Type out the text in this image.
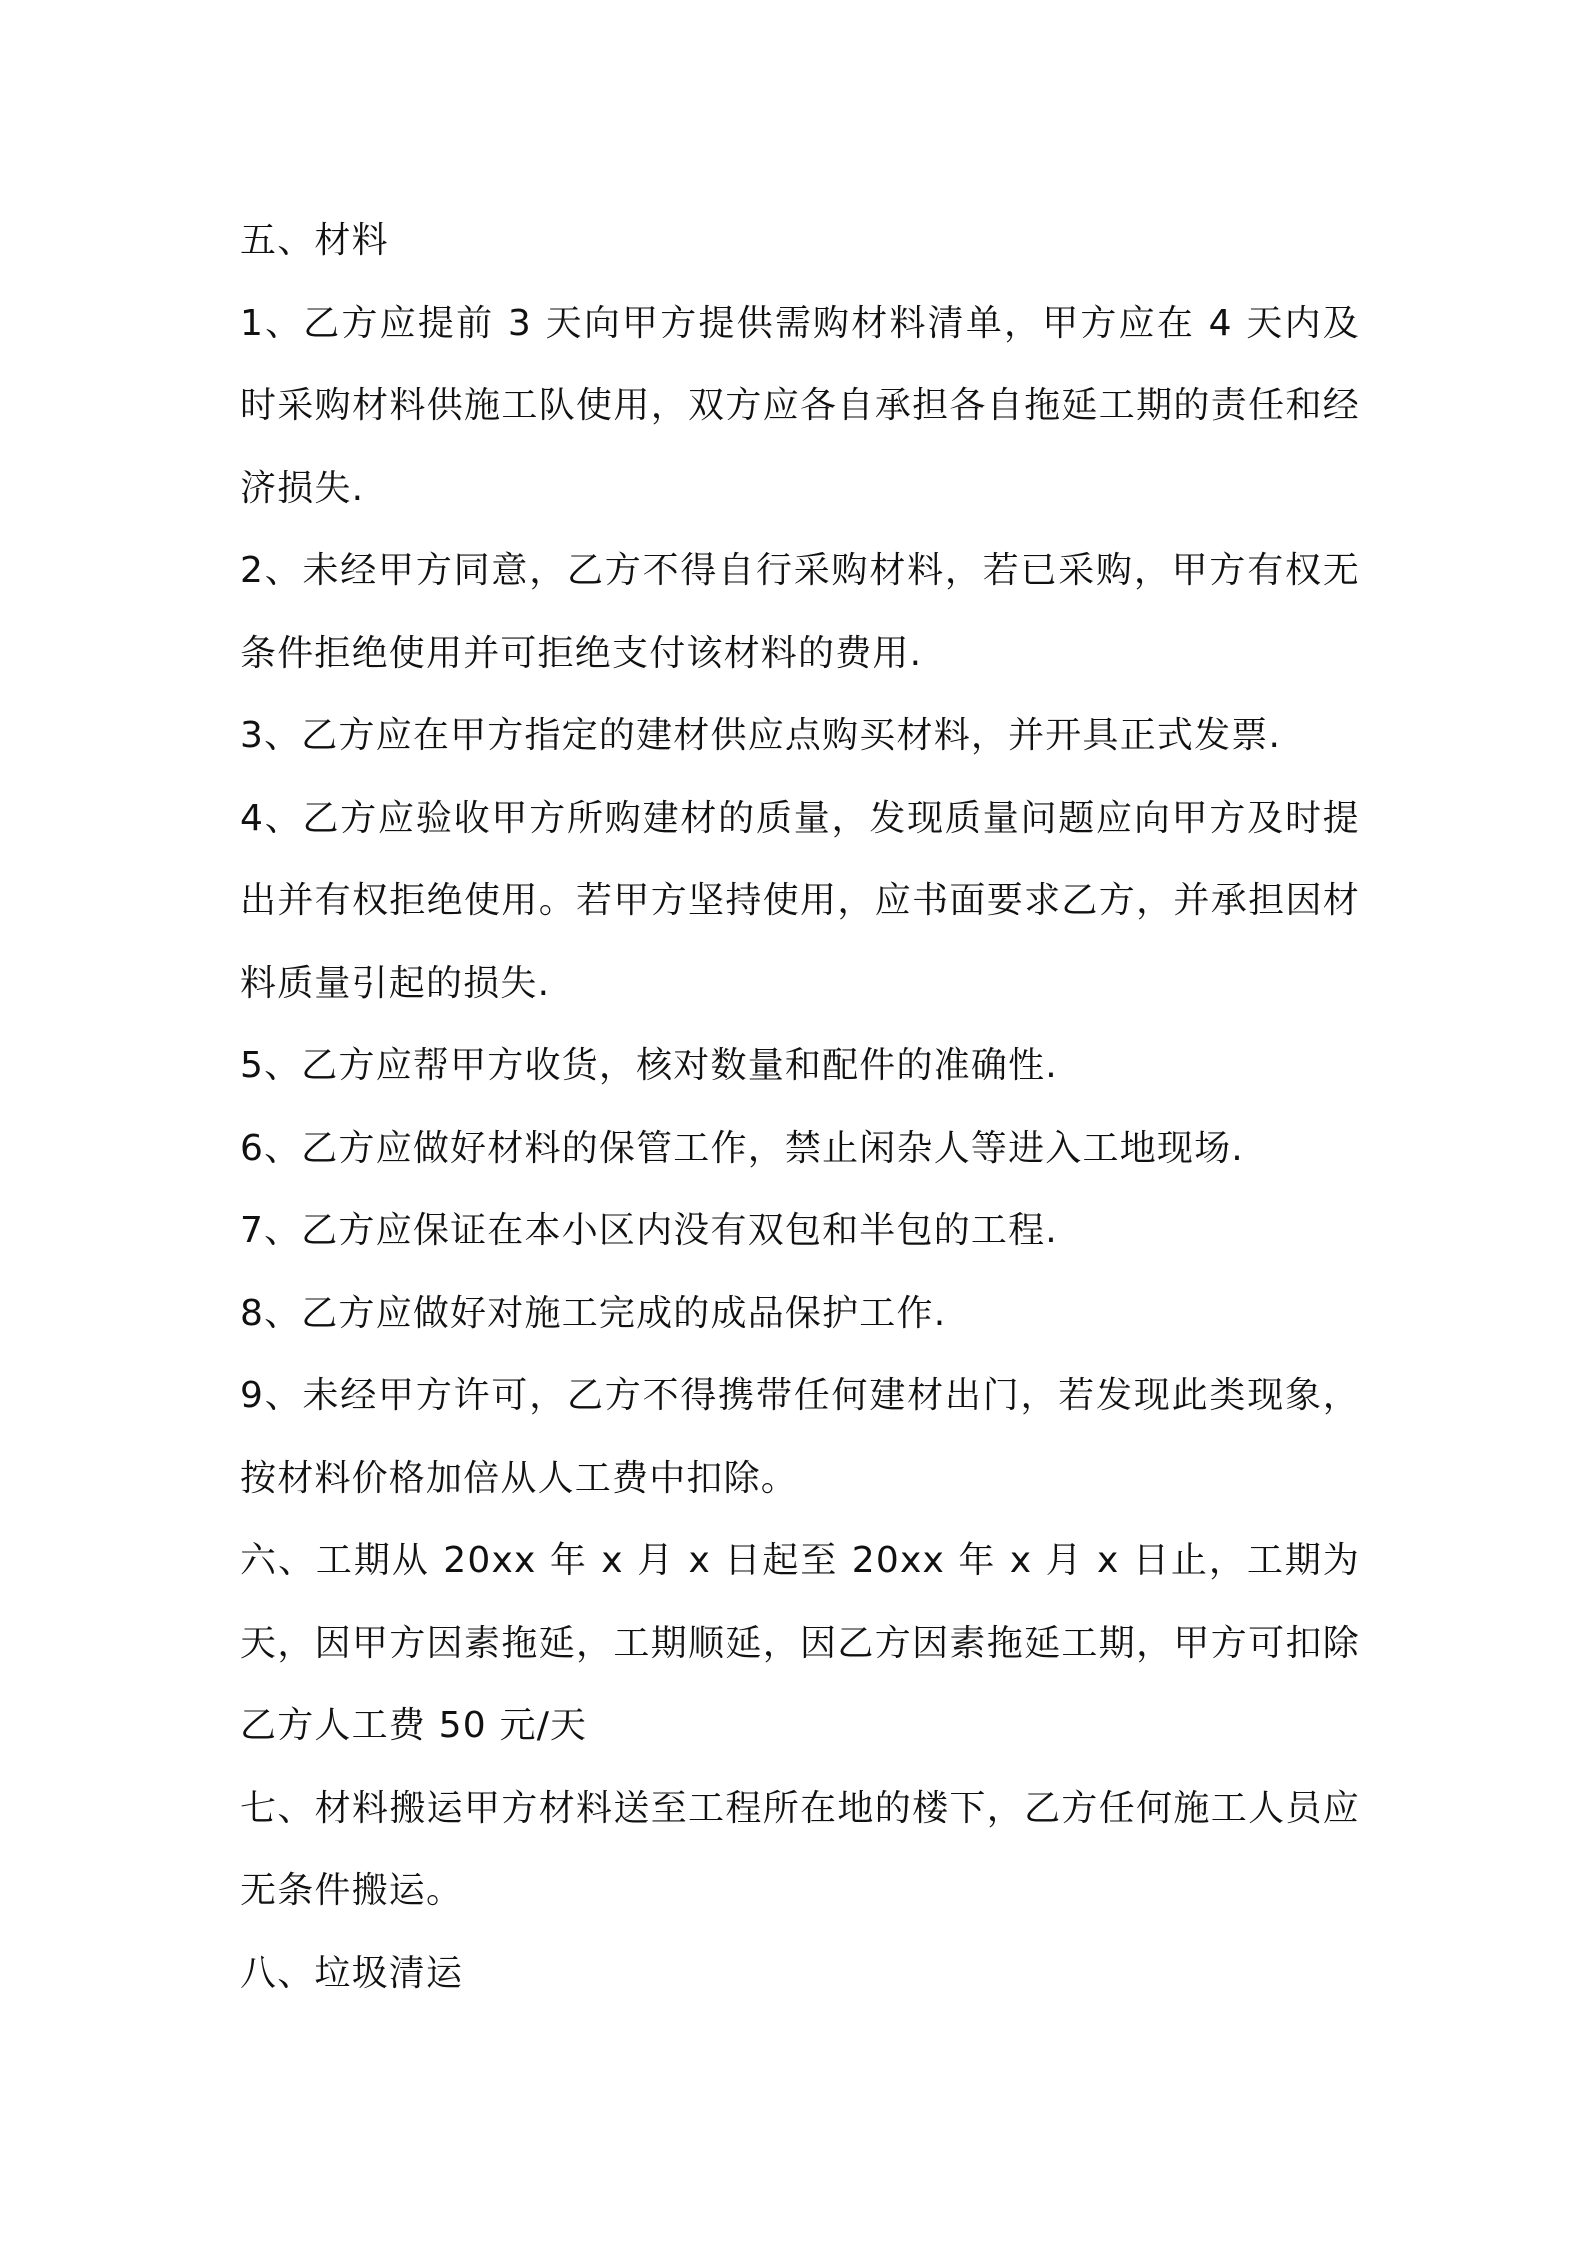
五、材料

1、乙方应提前 3 天向甲方提供需购材料清单，甲方应在 4 天内及时采购材料供施工队使用，双方应各自承担各自拖延工期的责任和经济损失.

2、未经甲方同意，乙方不得自行采购材料，若已采购，甲方有权无条件拒绝使用并可拒绝支付该材料的费用.

3、乙方应在甲方指定的建材供应点购买材料，并开具正式发票.

4、乙方应验收甲方所购建材的质量，发现质量问题应向甲方及时提出并有权拒绝使用。若甲方坚持使用，应书面要求乙方，并承担因材料质量引起的损失.

5、乙方应帮甲方收货，核对数量和配件的准确性.

6、乙方应做好材料的保管工作，禁止闲杂人等进入工地现场.

7、乙方应保证在本小区内没有双包和半包的工程.

8、乙方应做好对施工完成的成品保护工作.

9、未经甲方许可，乙方不得携带任何建材出门，若发现此类现象，按材料价格加倍从人工费中扣除。

六、工期从 20xx 年 x 月 x 日起至 20xx 年 x 月 x 日止，工期为天，因甲方因素拖延，工期顺延，因乙方因素拖延工期，甲方可扣除乙方人工费 50 元/天

七、材料搬运甲方材料送至工程所在地的楼下，乙方任何施工人员应无条件搬运。

八、垃圾清运
